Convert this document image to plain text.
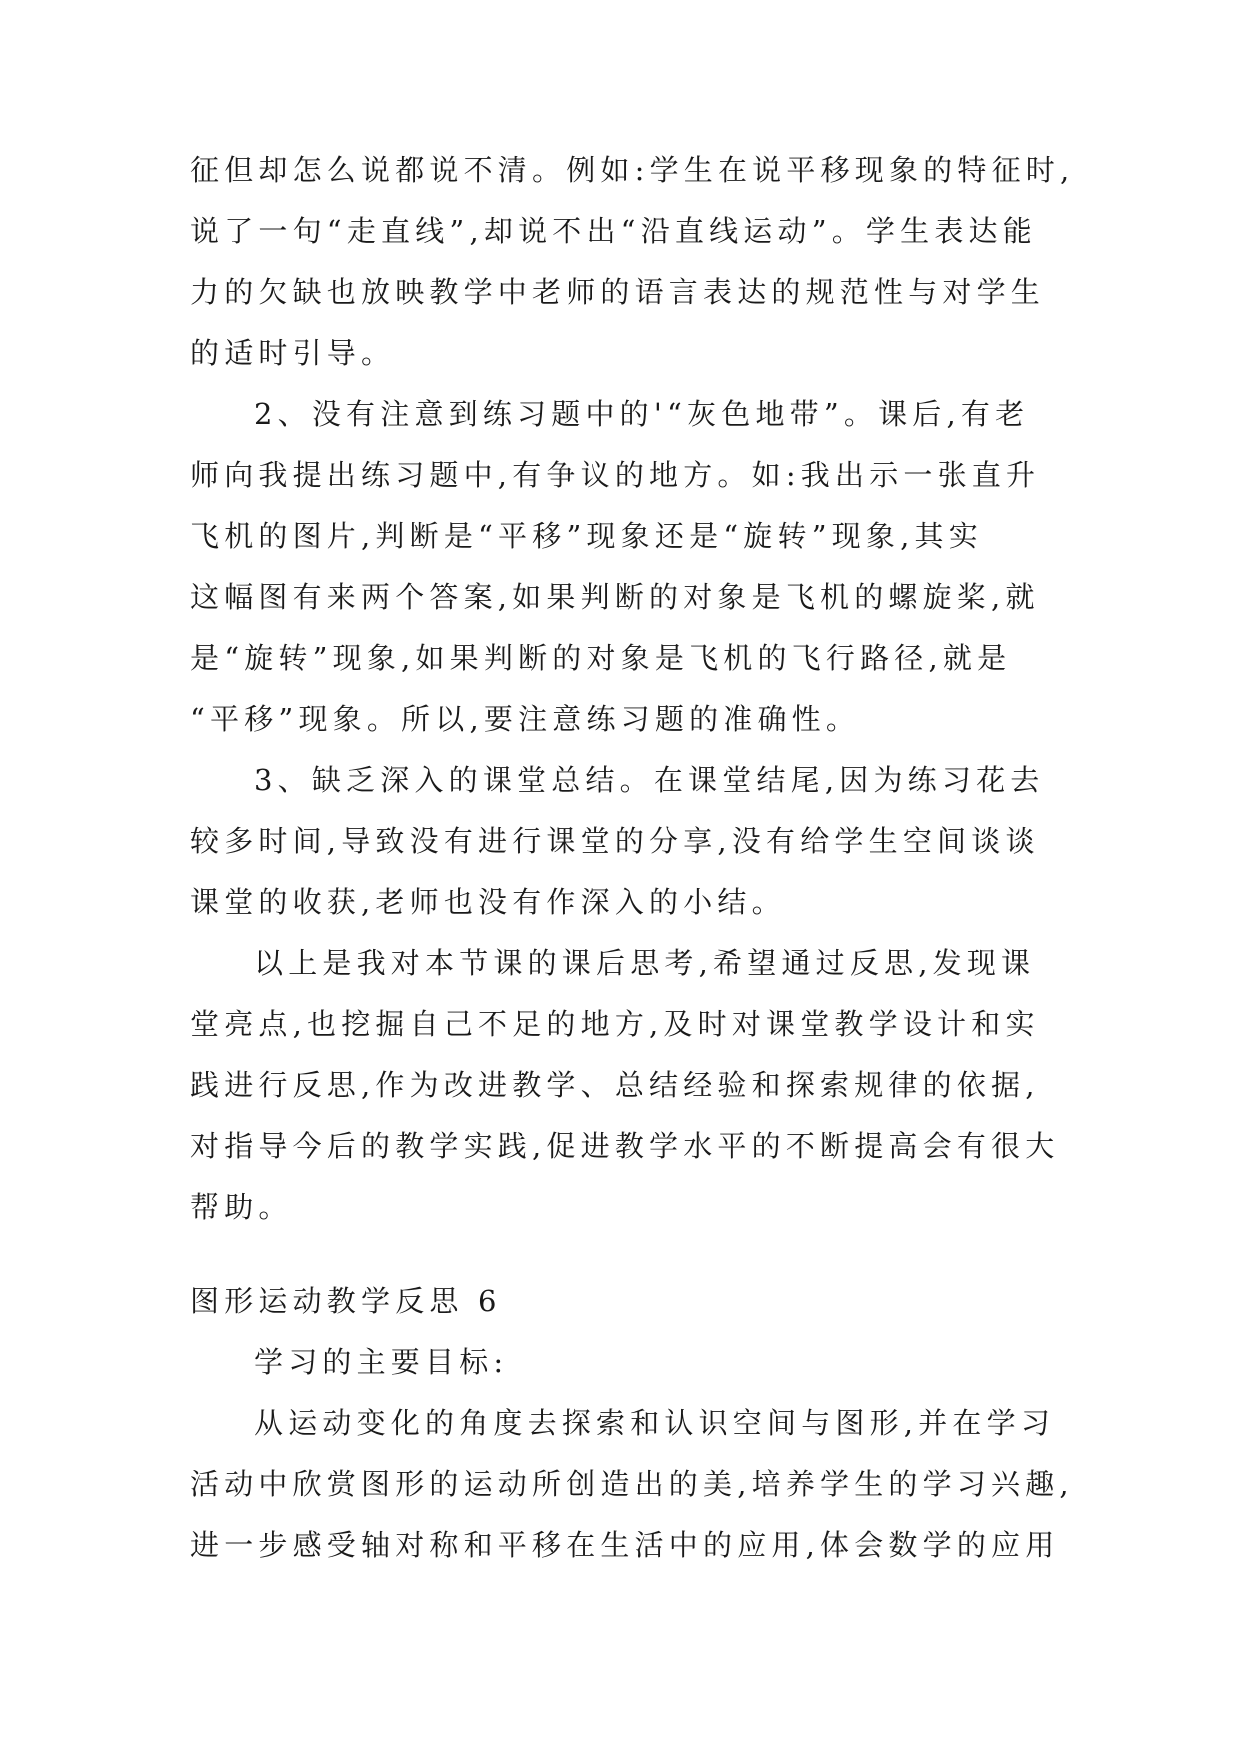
征但却怎么说都说不清。例如:学生在说平移现象的特征时,
说了一句“走直线”,却说不出“沿直线运动”。学生表达能
力的欠缺也放映教学中老师的语言表达的规范性与对学生
的适时引导。
2、没有注意到练习题中的'“灰色地带”。课后,有老
师向我提出练习题中,有争议的地方。如:我出示一张直升
飞机的图片,判断是“平移”现象还是“旋转”现象,其实
这幅图有来两个答案,如果判断的对象是飞机的螺旋桨,就
是“旋转”现象,如果判断的对象是飞机的飞行路径,就是
“平移”现象。所以,要注意练习题的准确性。
3、缺乏深入的课堂总结。在课堂结尾,因为练习花去
较多时间,导致没有进行课堂的分享,没有给学生空间谈谈
课堂的收获,老师也没有作深入的小结。
以上是我对本节课的课后思考,希望通过反思,发现课
堂亮点,也挖掘自己不足的地方,及时对课堂教学设计和实
践进行反思,作为改进教学、总结经验和探索规律的依据,
对指导今后的教学实践,促进教学水平的不断提高会有很大
帮助。
图形运动教学反思 6
学习的主要目标:
从运动变化的角度去探索和认识空间与图形,并在学习
活动中欣赏图形的运动所创造出的美,培养学生的学习兴趣,
进一步感受轴对称和平移在生活中的应用,体会数学的应用
